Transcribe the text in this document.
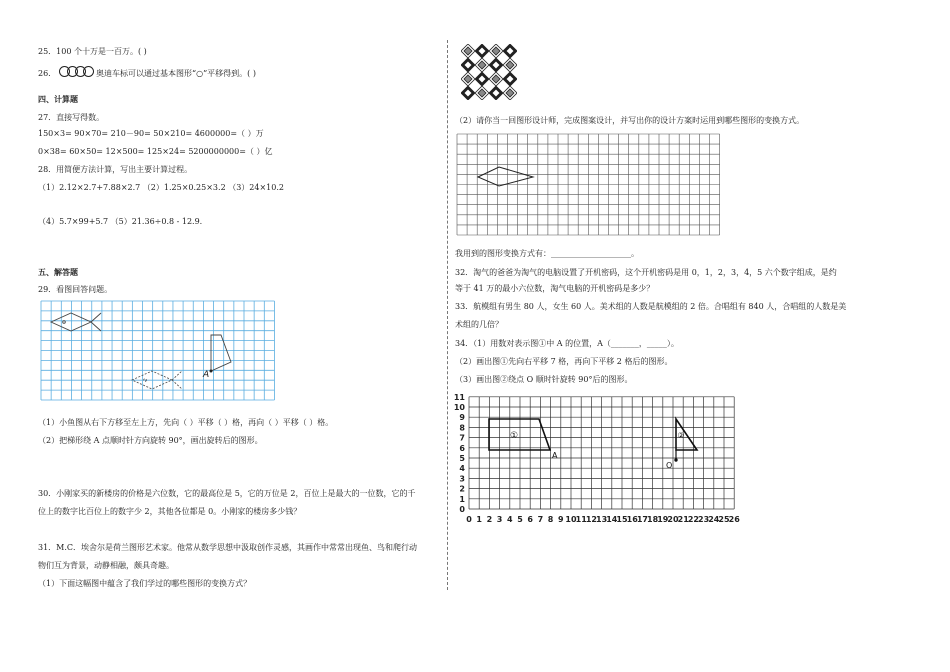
25．100 个十万是一百万。( )
26.	奥迪车标可以通过基本图形“○”平移得到。( )
四、计算题
27．直接写得数。
150×3= 90×70= 210－90= 50×210= 4600000=（ ）万
0×38= 60×50= 12×500= 125×24= 5200000000=（ ）亿
28．用简便方法计算，写出主要计算过程。
（1）2.12×2.7+7.88×2.7 （2）1.25×0.25×3.2 （3）24×10.2
（4）5.7×99+5.7 （5）21.36÷0.8 - 12.9.
五、解答题
29．看图回答问题。
A
（1）小鱼图从右下方移至左上方，先向（ ）平移（ ）格，再向（ ）平移（ ）格。
（2）把梯形绕 A 点顺时针方向旋转 90°，画出旋转后的图形。
30．小刚家买的新楼房的价格是六位数，它的最高位是 5，它的万位是 2，百位上是最大的一位数，它的千
位上的数字比百位上的数字少 2，其他各位都是 0。小刚家的楼房多少钱？
31．M.C．埃舍尔是荷兰图形艺术家。他常从数学思想中汲取创作灵感，其画作中常常出现鱼、鸟和爬行动
物们互为背景，动静相融，颇具奇趣。
（1）下面这幅图中蕴含了我们学过的哪些图形的变换方式？
（2）请你当一回图形设计师，完成图案设计，并写出你的设计方案时运用到哪些图形的变换方式。
我用到的图形变换方式有：____________________。
32．淘气的爸爸为淘气的电脑设置了开机密码，这个开机密码是用 0，1，2，3，4，5 六个数字组成，是约
等于 41 万的最小六位数，淘气电脑的开机密码是多少？
33．航模组有男生 80 人，女生 60 人。美术组的人数是航模组的 2 倍。合唱组有 840 人，合唱组的人数是美
术组的几倍？
34．（1）用数对表示图①中 A 的位置，A（_______，_____）。
（2）画出图①先向右平移 7 格，再向下平移 2 格后的图形。
（3）画出图②绕点 O 顺时针旋转 90°后的图形。
11
10
9
8
7
6
5
4
3
2
1
0
0 1 2 3 4 5 6 7 8 9 10 11 12 13 14 15 16 17 18 19 20 21 22 23 24 25 26
①
A
②
O
